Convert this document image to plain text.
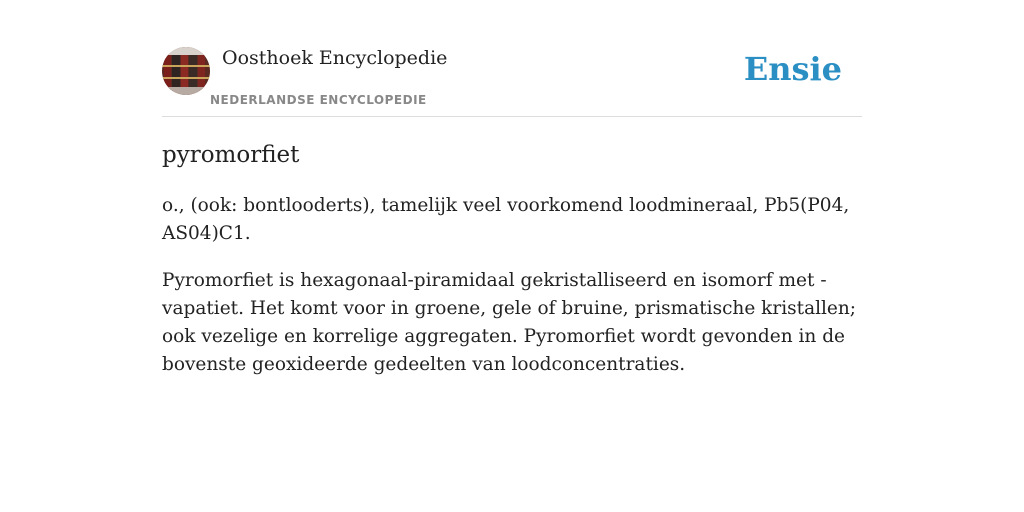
Oosthoek Encyclopedie
NEDERLANDSE ENCYCLOPEDIE
Ensie
pyromorfiet

o., (ook: bontlooderts), tamelijk veel voorkomend loodmineraal, Pb5(P04, AS04)C1.

Pyromorfiet is hexagonaal-piramidaal gekristalliseerd en isomorf met -vapatiet. Het komt voor in groene, gele of bruine, prismatische kristallen; ook vezelige en korrelige aggregaten. Pyromorfiet wordt gevonden in de bovenste geoxideerde gedeelten van loodconcentraties.
